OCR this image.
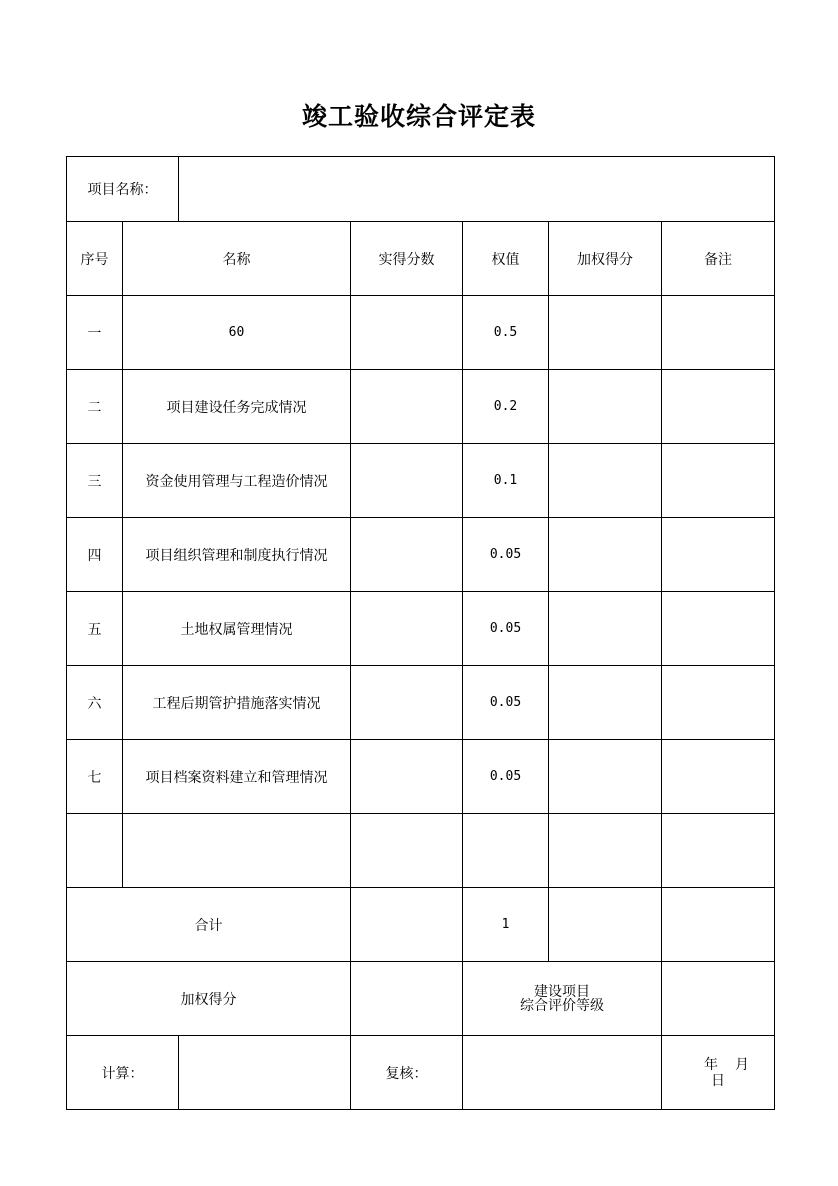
竣工验收综合评定表
项目名称：						
序号	名称		实得分数	权值	加权得分	备注
一	60			0.5		
二	项目建设任务完成情况			0.2		
三	资金使用管理与工程造价情况			0.1		
四	项目组织管理和制度执行情况			0.05		
五	土地权属管理情况			0.05		
六	工程后期管护措施落实情况			0.05		
七	项目档案资料建立和管理情况			0.05		

合计				1		
加权得分				建设项目
综合评价等级		

计算：			复核：			年 月
日
